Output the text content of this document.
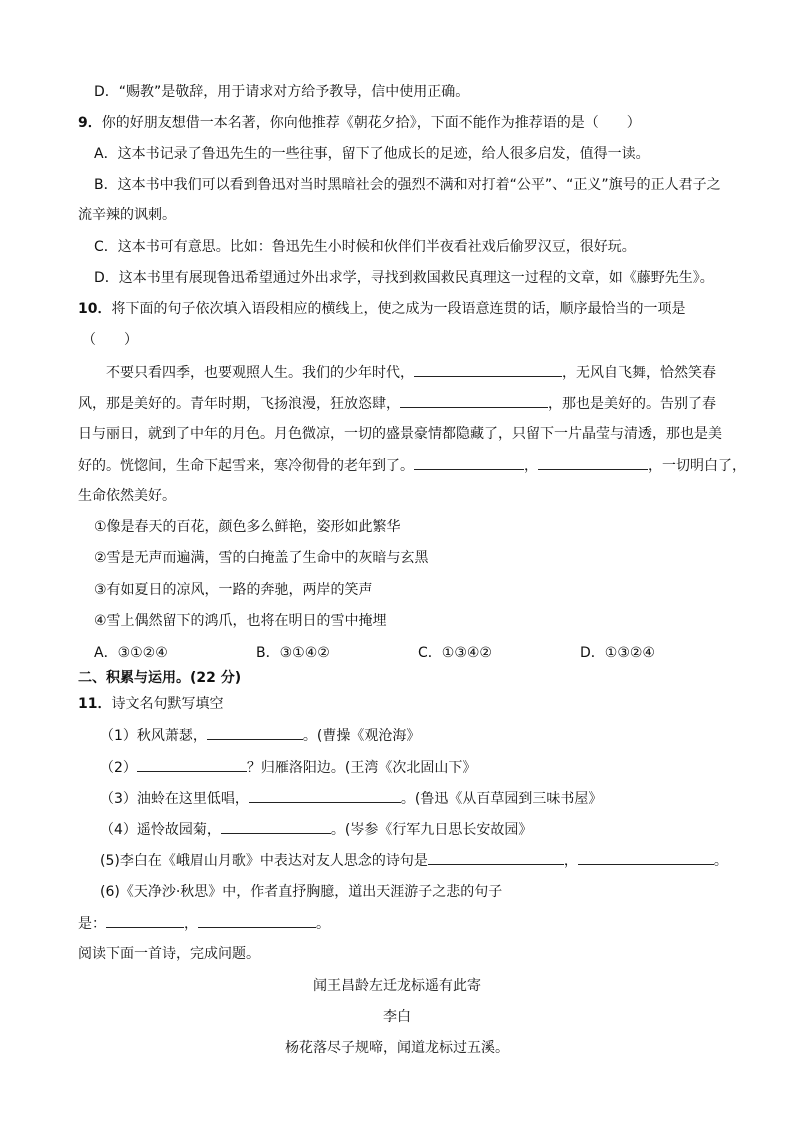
D．“赐教”是敬辞，用于请求对方给予教导，信中使用正确。
9．你的好朋友想借一本名著，你向他推荐《朝花夕拾》，下面不能作为推荐语的是（　　）
A．这本书记录了鲁迅先生的一些往事，留下了他成长的足迹，给人很多启发，值得一读。
B．这本书中我们可以看到鲁迅对当时黑暗社会的强烈不满和对打着“公平”、“正义”旗号的正人君子之
流辛辣的讽刺。
C．这本书可有意思。比如：鲁迅先生小时候和伙伴们半夜看社戏后偷罗汉豆，很好玩。
D．这本书里有展现鲁迅希望通过外出求学，寻找到救国救民真理这一过程的文章，如《藤野先生》。
10．将下面的句子依次填入语段相应的横线上，使之成为一段语意连贯的话，顺序最恰当的一项是
（　　）
不要只看四季，也要观照人生。我们的少年时代，	，无风自飞舞，恰然笑春
风，那是美好的。青年时期，飞扬浪漫，狂放恣肆，	，那也是美好的。告别了春
日与丽日，就到了中年的月色。月色微凉，一切的盛景豪情都隐藏了，只留下一片晶莹与清透，那也是美
好的。恍惚间，生命下起雪来，寒冷彻骨的老年到了。	，	，一切明白了，
生命依然美好。
①像是春天的百花，颜色多么鲜艳，姿形如此繁华
②雪是无声而遍满，雪的白掩盖了生命中的灰暗与玄黑
③有如夏日的凉风，一路的奔驰，两岸的笑声
④雪上偶然留下的鸿爪，也将在明日的雪中掩埋
A．③①②④	B．③①④②	C．①③④②	D．①③②④
二、积累与运用。(22 分)
11．诗文名句默写填空
（1）秋风萧瑟，	。(曹操《观沧海》
（2）	？归雁洛阳边。(王湾《次北固山下》
（3）油蛉在这里低唱，	。(鲁迅《从百草园到三味书屋》
（4）遥怜故园菊，	。(岑参《行军九日思长安故园》
(5)李白在《峨眉山月歌》中表达对友人思念的诗句是	，	。
(6)《天净沙·秋思》中，作者直抒胸臆，道出天涯游子之悲的句子
是：	，	。
阅读下面一首诗，完成问题。
闻王昌龄左迁龙标遥有此寄
李白
杨花落尽子规啼，闻道龙标过五溪。
